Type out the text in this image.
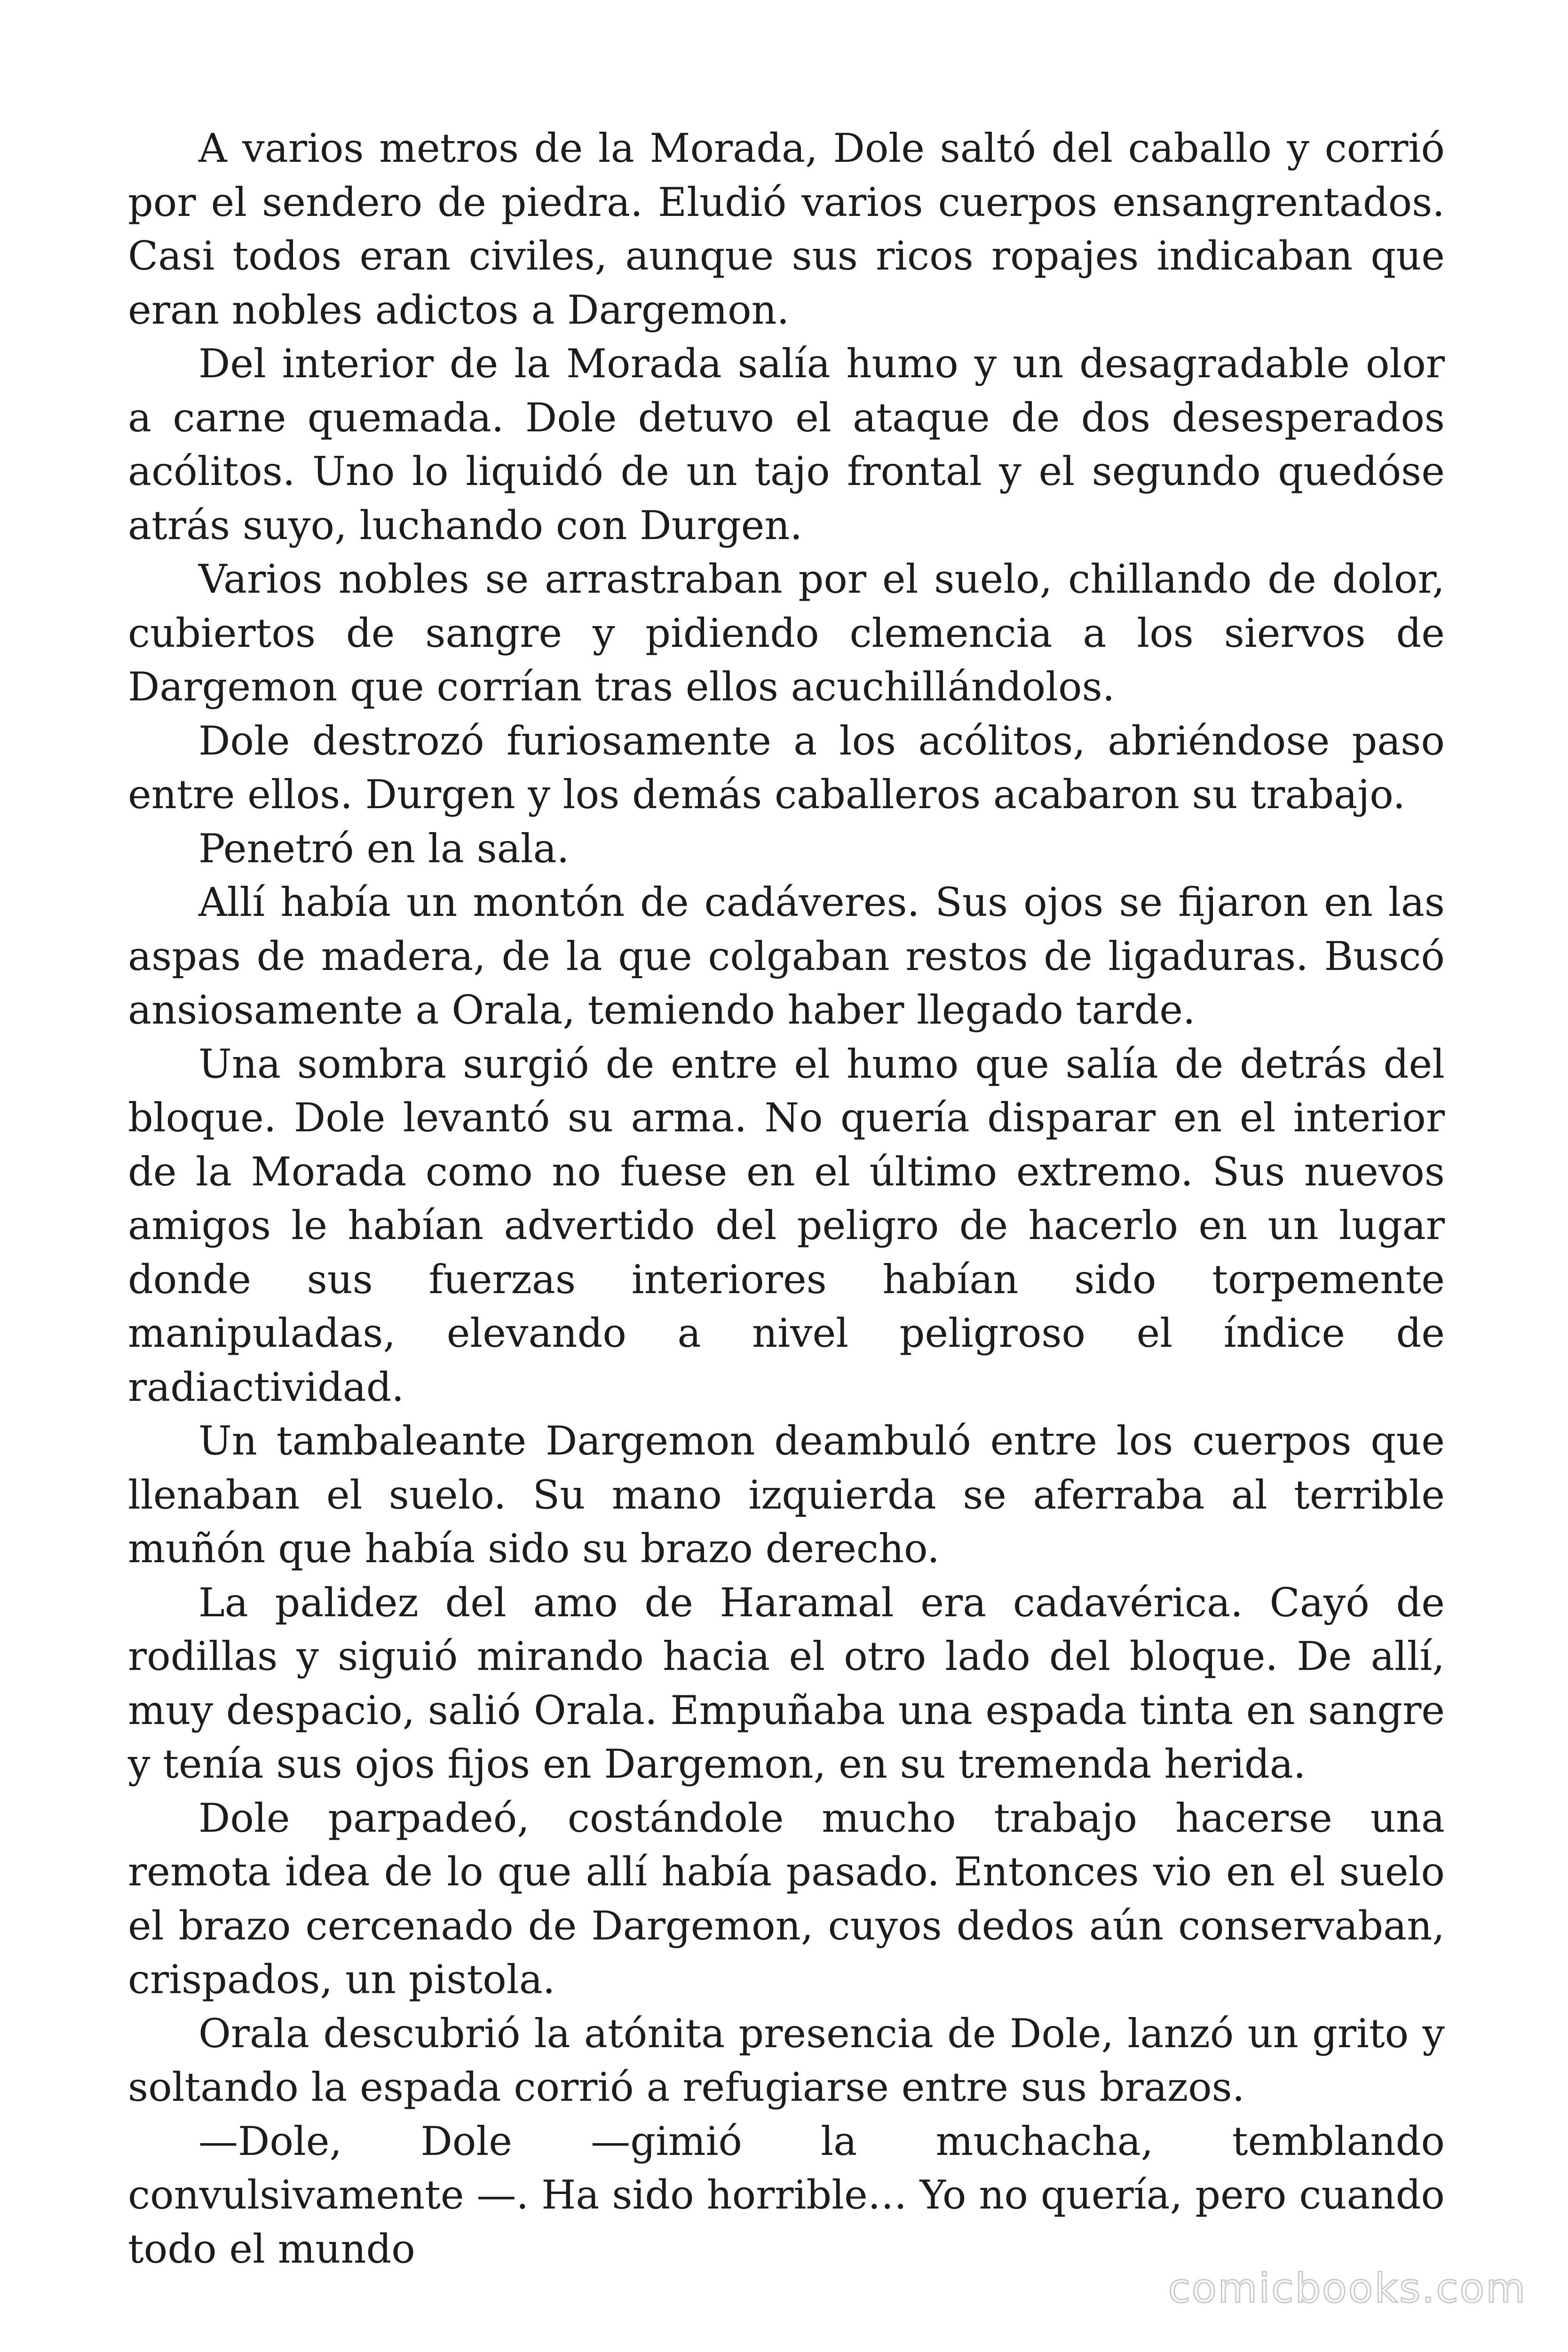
A varios metros de la Morada, Dole saltó del caballo y corrió por el sendero de piedra. Eludió varios cuerpos ensangrentados. Casi todos eran civiles, aunque sus ricos ropajes indicaban que eran nobles adictos a Dargemon.

Del interior de la Morada salía humo y un desagradable olor a carne quemada. Dole detuvo el ataque de dos desesperados acólitos. Uno lo liquidó de un tajo frontal y el segundo quedóse atrás suyo, luchando con Durgen.

Varios nobles se arrastraban por el suelo, chillando de dolor, cubiertos de sangre y pidiendo clemencia a los siervos de Dargemon que corrían tras ellos acuchillándolos.

Dole destrozó furiosamente a los acólitos, abriéndose paso entre ellos. Durgen y los demás caballeros acabaron su trabajo.

Penetró en la sala.

Allí había un montón de cadáveres. Sus ojos se fijaron en las aspas de madera, de la que colgaban restos de ligaduras. Buscó ansiosamente a Orala, temiendo haber llegado tarde.

Una sombra surgió de entre el humo que salía de detrás del bloque. Dole levantó su arma. No quería disparar en el interior de la Morada como no fuese en el último extremo. Sus nuevos amigos le habían advertido del peligro de hacerlo en un lugar donde sus fuerzas interiores habían sido torpemente manipuladas, elevando a nivel peligroso el índice de radiactividad.

Un tambaleante Dargemon deambuló entre los cuerpos que llenaban el suelo. Su mano izquierda se aferraba al terrible muñón que había sido su brazo derecho.

La palidez del amo de Haramal era cadavérica. Cayó de rodillas y siguió mirando hacia el otro lado del bloque. De allí, muy despacio, salió Orala. Empuñaba una espada tinta en sangre y tenía sus ojos fijos en Dargemon, en su tremenda herida.

Dole parpadeó, costándole mucho trabajo hacerse una remota idea de lo que allí había pasado. Entonces vio en el suelo el brazo cercenado de Dargemon, cuyos dedos aún conservaban, crispados, un pistola.

Orala descubrió la atónita presencia de Dole, lanzó un grito y soltando la espada corrió a refugiarse entre sus brazos.

—Dole, Dole —gimió la muchacha, temblando convulsivamente —. Ha sido horrible… Yo no quería, pero cuando todo el mundo

comicbooks.com
